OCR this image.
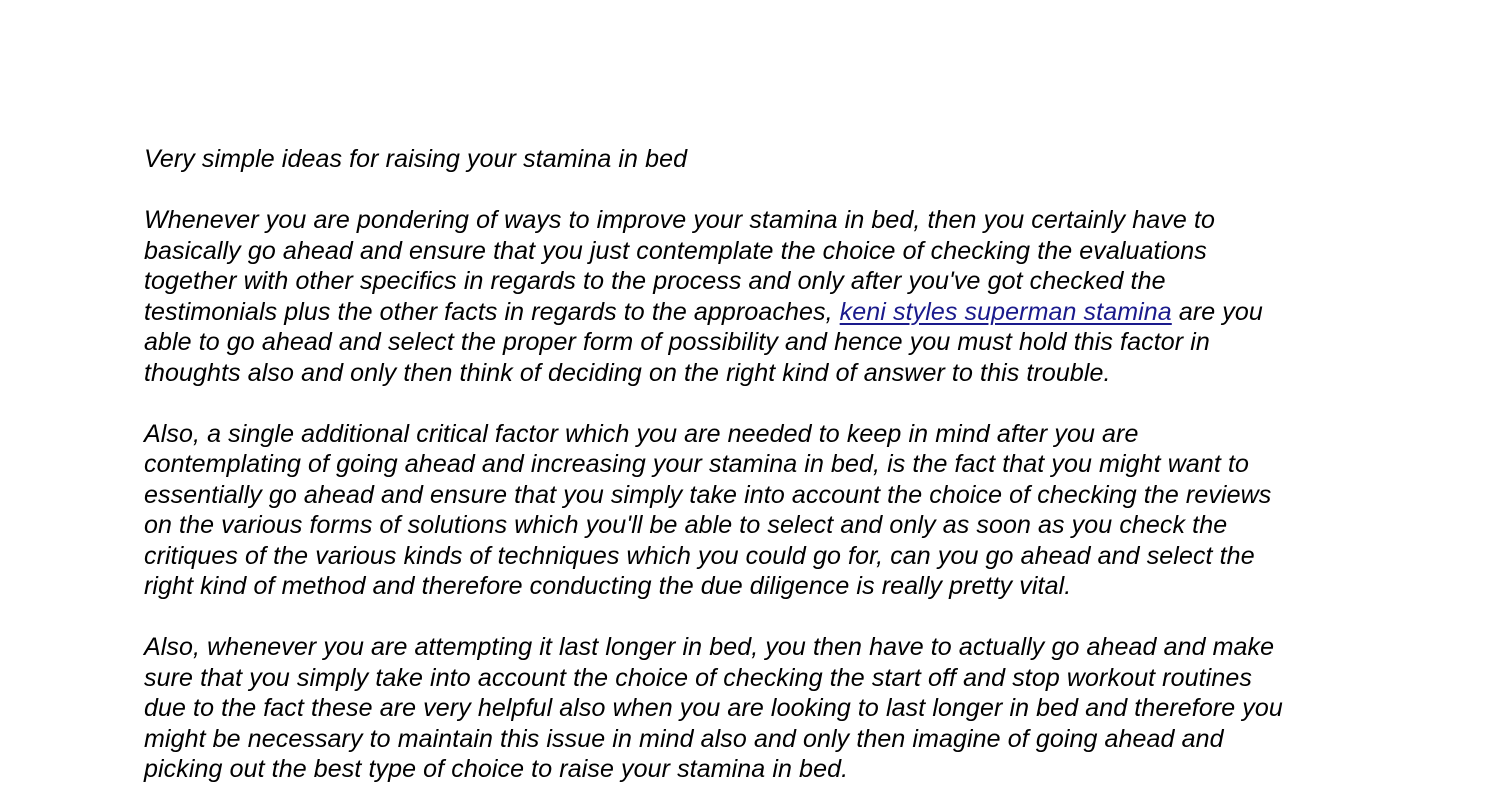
Very simple ideas for raising your stamina in bed

Whenever you are pondering of ways to improve your stamina in bed, then you certainly have to
basically go ahead and ensure that you just contemplate the choice of checking the evaluations
together with other specifics in regards to the process and only after you've got checked the
testimonials plus the other facts in regards to the approaches, keni styles superman stamina are you
able to go ahead and select the proper form of possibility and hence you must hold this factor in
thoughts also and only then think of deciding on the right kind of answer to this trouble.

Also, a single additional critical factor which you are needed to keep in mind after you are
contemplating of going ahead and increasing your stamina in bed, is the fact that you might want to
essentially go ahead and ensure that you simply take into account the choice of checking the reviews
on the various forms of solutions which you'll be able to select and only as soon as you check the
critiques of the various kinds of techniques which you could go for, can you go ahead and select the
right kind of method and therefore conducting the due diligence is really pretty vital.

Also, whenever you are attempting it last longer in bed, you then have to actually go ahead and make
sure that you simply take into account the choice of checking the start off and stop workout routines
due to the fact these are very helpful also when you are looking to last longer in bed and therefore you
might be necessary to maintain this issue in mind also and only then imagine of going ahead and
picking out the best type of choice to raise your stamina in bed.
